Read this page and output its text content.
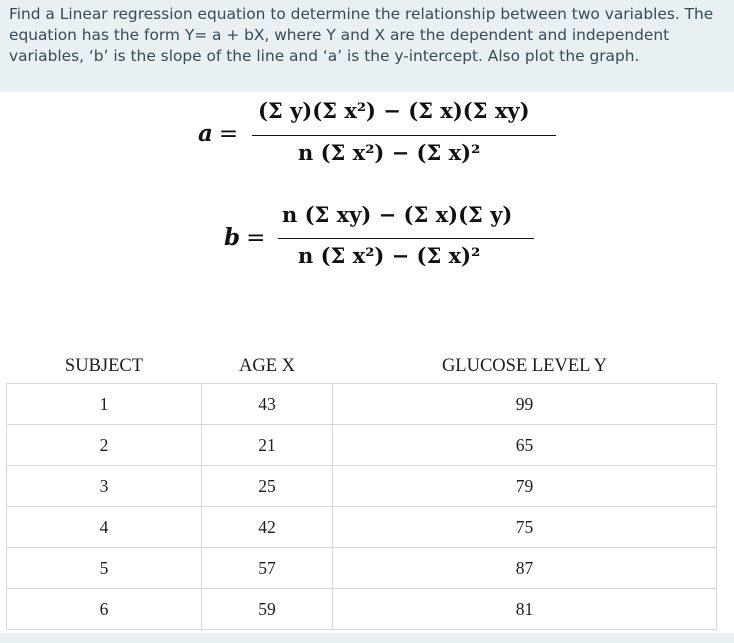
Find a Linear regression equation to determine the relationship between two variables. The

equation has the form Y= a + bX, where Y and X are the dependent and independent

variables, ‘b’ is the slope of the line and ‘a’ is the y-intercept. Also plot the graph.

a =
(Σ y)(Σ x²) − (Σ x)(Σ xy)
n (Σ x²) − (Σ x)²
b =
n (Σ xy) − (Σ x)(Σ y)
n (Σ x²) − (Σ x)²
SUBJECT	AGE X	GLUCOSE LEVEL Y
1	43	99
2	21	65
3	25	79
4	42	75
5	57	87
6	59	81
